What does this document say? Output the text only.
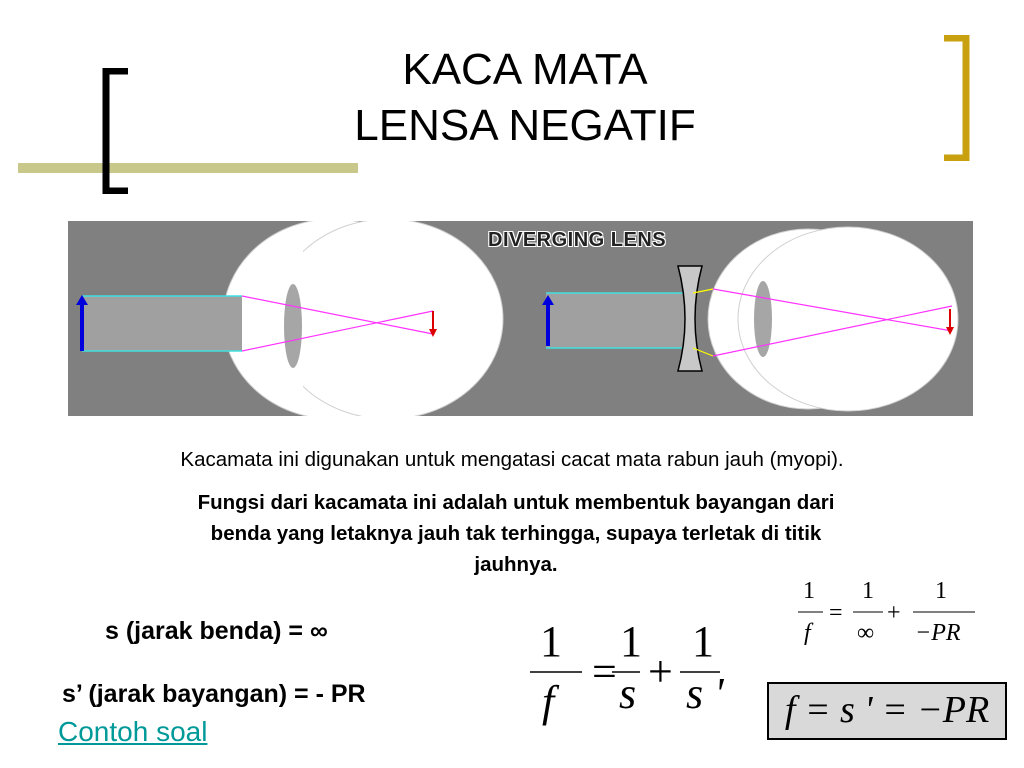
KACA MATA
LENSA NEGATIF
DIVERGING LENS
Kacamata ini digunakan untuk mengatasi cacat mata rabun jauh (myopi).
Fungsi dari kacamata ini adalah untuk membentuk bayangan dari
benda yang letaknya jauh tak terhingga, supaya terletak di titik
jauhnya.
s (jarak benda) = ∞
s’ (jarak bayangan) = - PR
Contoh soal
1
f
=
1
s +
1
s '
1
f
=
1
∞
+
1
−PR
f = s ' = −PR
